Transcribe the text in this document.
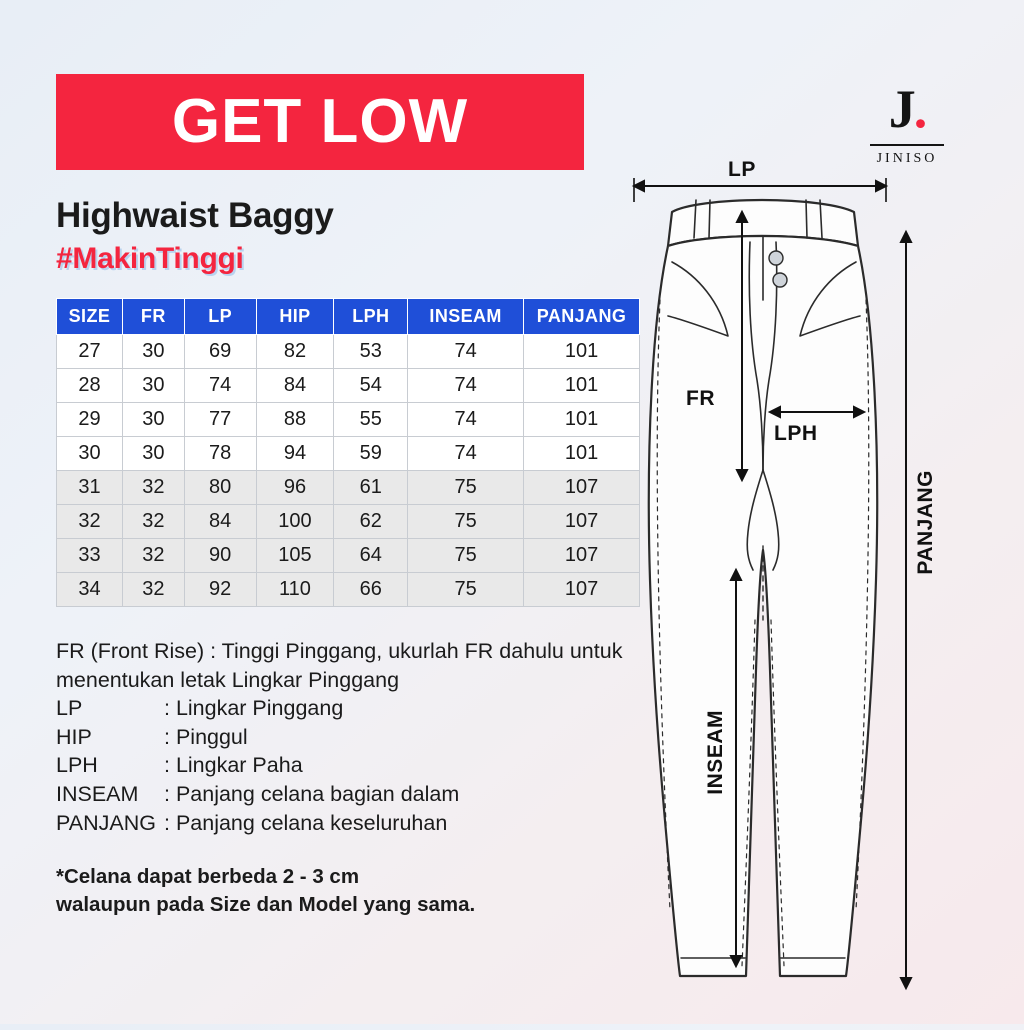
GET LOW
Highwaist Baggy
#MakinTinggi
SIZE	FR	LP	HIP	LPH	INSEAM	PANJANG
27	30	69	82	53	74	101
28	30	74	84	54	74	101
29	30	77	88	55	74	101
30	30	78	94	59	74	101
31	32	80	96	61	75	107
32	32	84	100	62	75	107
33	32	90	105	64	75	107
34	32	92	110	66	75	107
FR (Front Rise) : Tinggi Pinggang, ukurlah FR dahulu untuk menentukan letak Lingkar Pinggang
LP	: Lingkar Pinggang
HIP	: Pinggul
LPH	: Lingkar Paha
INSEAM	: Panjang celana bagian dalam
PANJANG : Panjang celana keseluruhan
*Celana dapat berbeda 2 - 3 cm
walaupun pada Size dan Model yang sama.
J.
JINISO
LP
FR
LPH
PANJANG
INSEAM
